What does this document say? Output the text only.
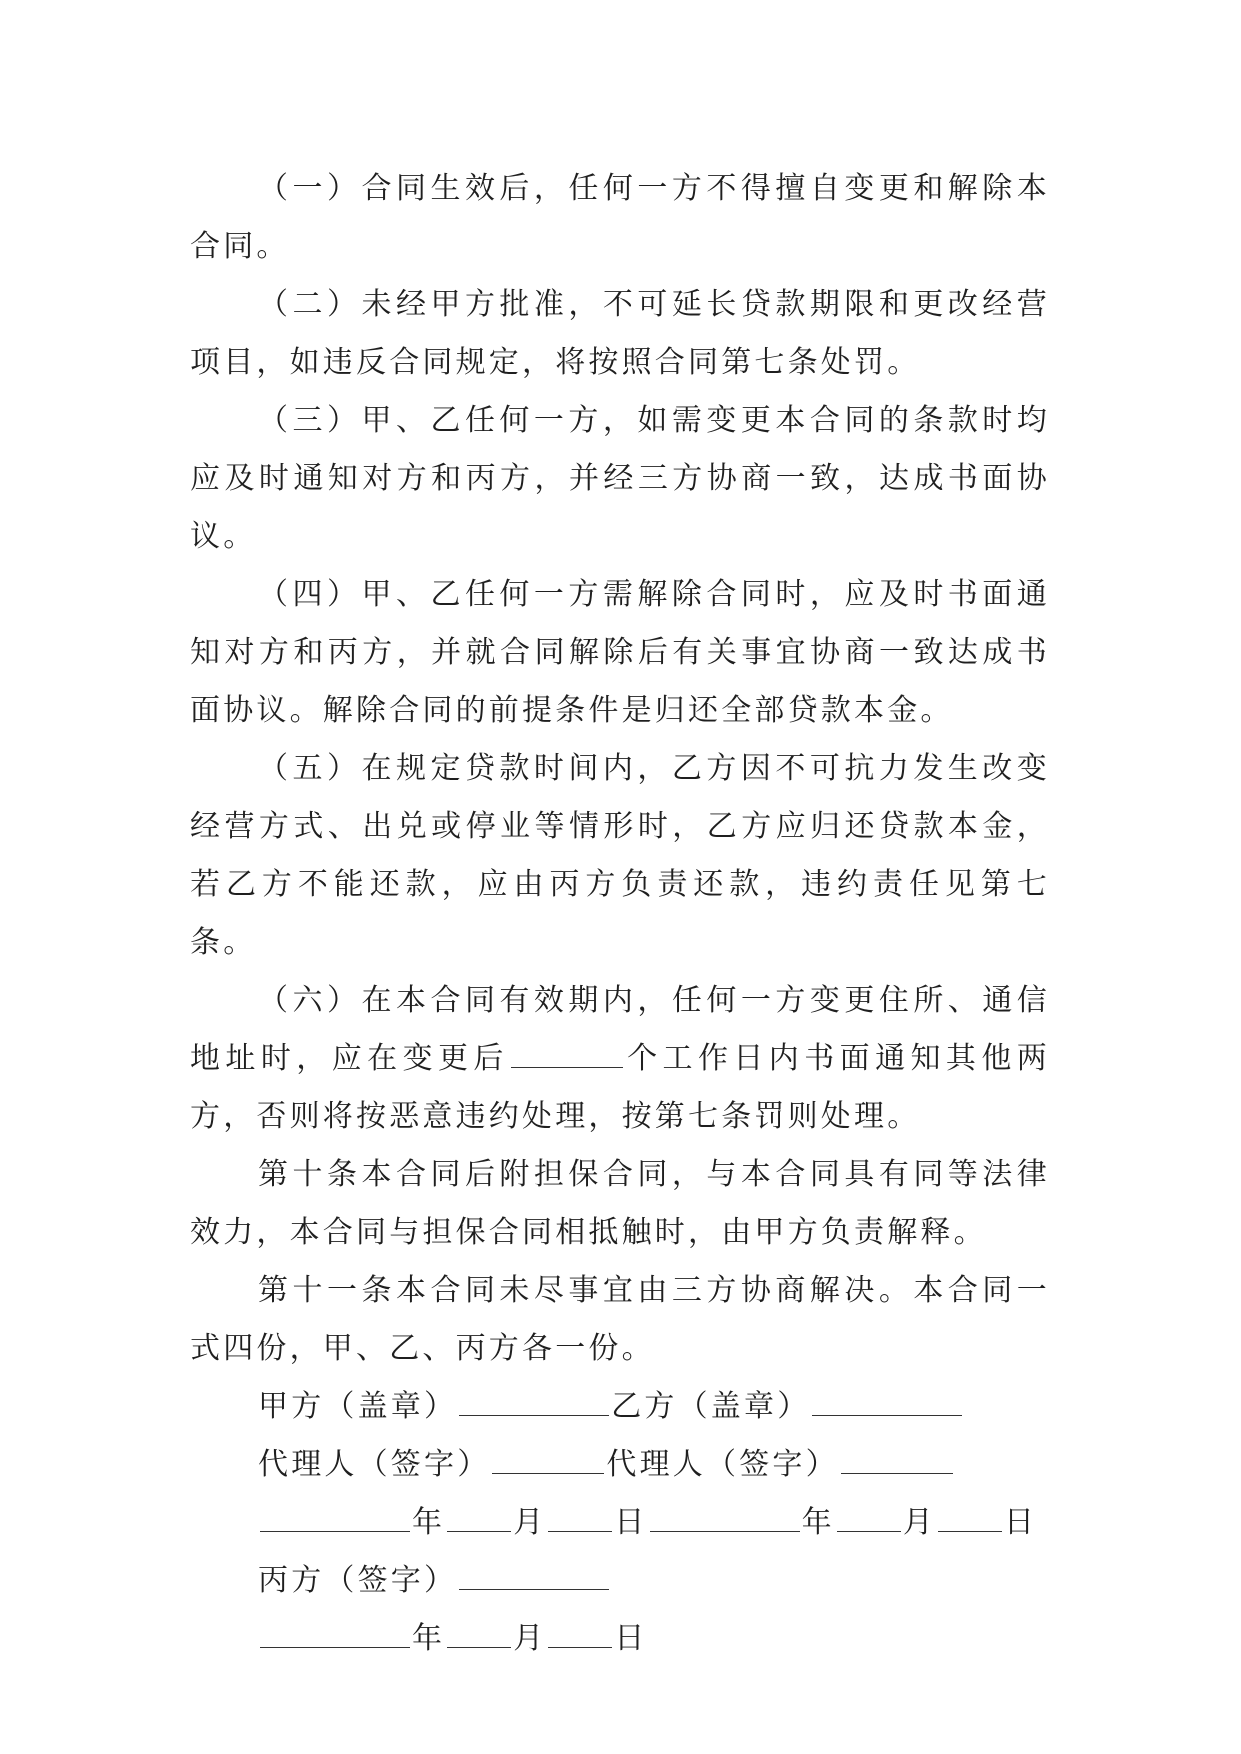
（一）合同生效后，任何一方不得擅自变更和解除本合同。

（二）未经甲方批准，不可延长贷款期限和更改经营项目，如违反合同规定，将按照合同第七条处罚。

（三）甲、乙任何一方，如需变更本合同的条款时均应及时通知对方和丙方，并经三方协商一致，达成书面协议。

（四）甲、乙任何一方需解除合同时，应及时书面通知对方和丙方，并就合同解除后有关事宜协商一致达成书面协议。解除合同的前提条件是归还全部贷款本金。

（五）在规定贷款时间内，乙方因不可抗力发生改变经营方式、出兑或停业等情形时，乙方应归还贷款本金，若乙方不能还款，应由丙方负责还款，违约责任见第七条。

（六）在本合同有效期内，任何一方变更住所、通信地址时，应在变更后	个工作日内书面通知其他两方，否则将按恶意违约处理，按第七条罚则处理。

第十条本合同后附担保合同，与本合同具有同等法律效力，本合同与担保合同相抵触时，由甲方负责解释。

第十一条本合同未尽事宜由三方协商解决。本合同一式四份，甲、乙、丙方各一份。

甲方（盖章）	乙方（盖章）
代理人（签字）	代理人（签字）
年 月 日	年 月 日
丙方（签字）
年 月 日
